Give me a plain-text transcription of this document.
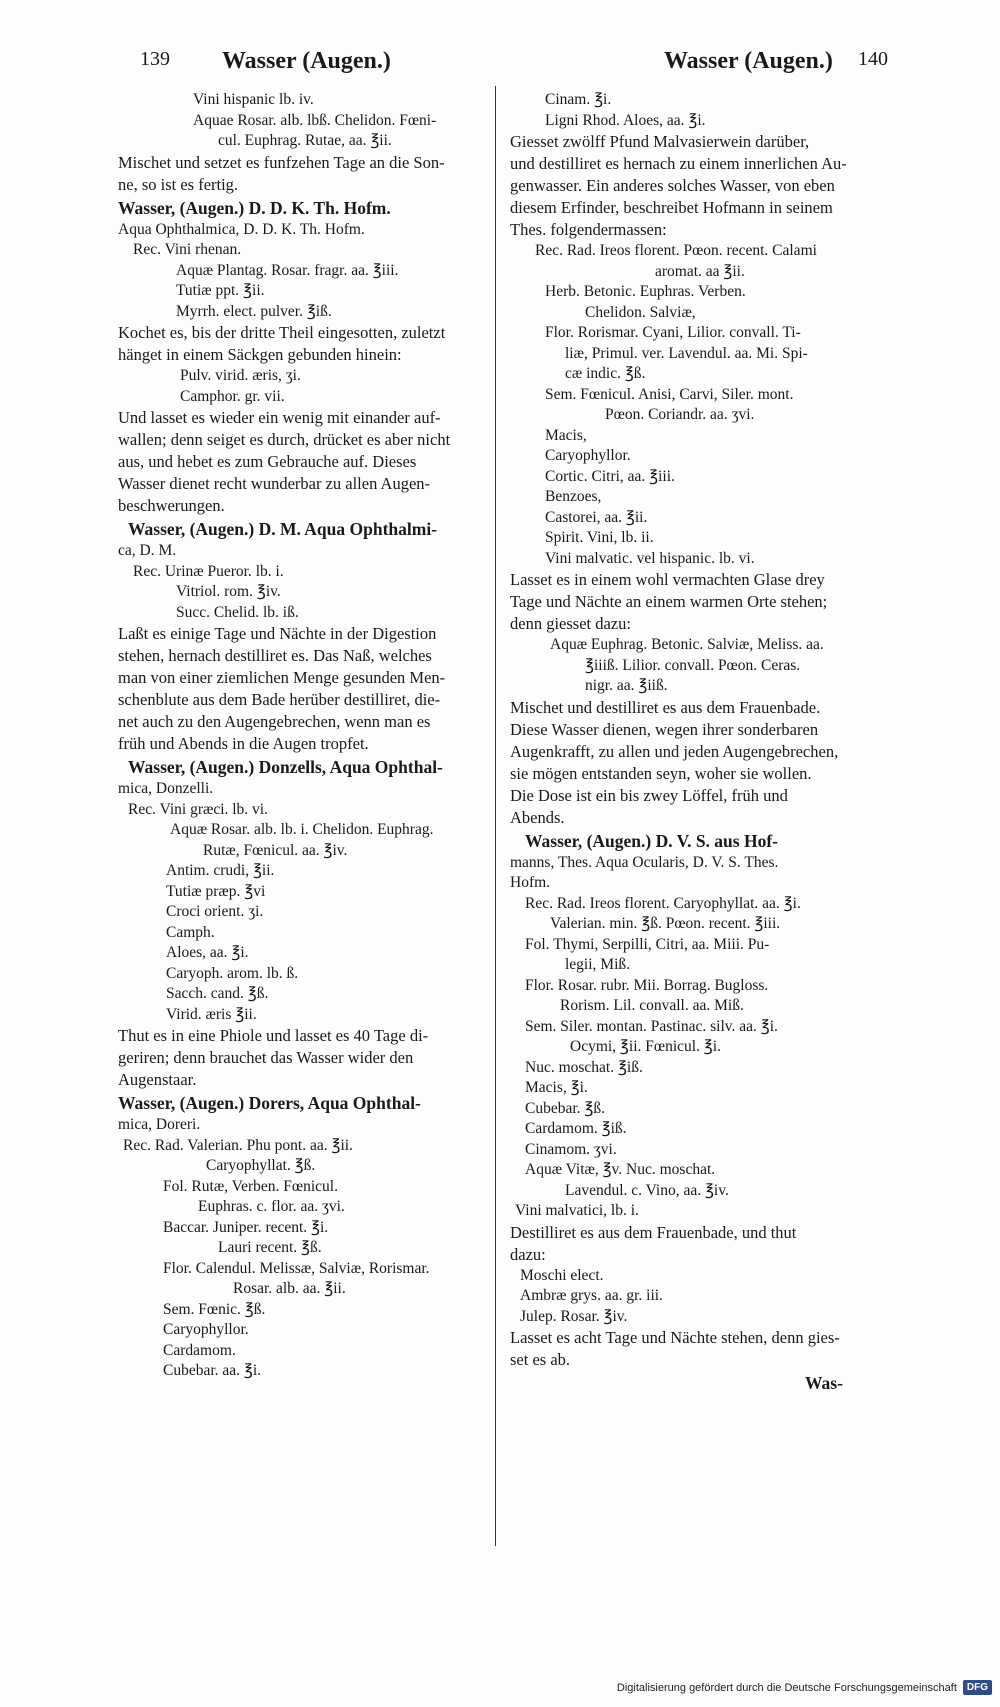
139 Wasser (Augen.)	Wasser (Augen.) 140
Vini hispanic lb. iv.
Aquae Rosar. alb. lbß. Chelidon. Fœni-
cul. Euphrag. Rutae, aa. ℥ii.
Mischet und setzet es funfzehen Tage an die Son-
ne, so ist es fertig.
Wasser, (Augen.) D. D. K. Th. Hofm.
Aqua Ophthalmica, D. D. K. Th. Hofm.
Rec. Vini rhenan.
Aquæ Plantag. Rosar. fragr. aa. ℥iii.
Tutiæ ppt. ℥ii.
Myrrh. elect. pulver. ℥iß.
Kochet es, bis der dritte Theil eingesotten, zuletzt
hänget in einem Säckgen gebunden hinein:
Pulv. virid. æris, ʒi.
Camphor. gr. vii.
Und lasset es wieder ein wenig mit einander auf-
wallen; denn seiget es durch, drücket es aber nicht
aus, und hebet es zum Gebrauche auf. Dieses
Wasser dienet recht wunderbar zu allen Augen-
beschwerungen.
Wasser, (Augen.) D. M. Aqua Ophthalmi-
ca, D. M.
Rec. Urinæ Pueror. lb. i.
Vitriol. rom. ℥iv.
Succ. Chelid. lb. iß.
Laßt es einige Tage und Nächte in der Digestion
stehen, hernach destilliret es. Das Naß, welches
man von einer ziemlichen Menge gesunden Men-
schenblute aus dem Bade herüber destilliret, die-
net auch zu den Augengebrechen, wenn man es
früh und Abends in die Augen tropfet.
Wasser, (Augen.) Donzells, Aqua Ophthal-
mica, Donzelli.
Rec. Vini græci. lb. vi.
Aquæ Rosar. alb. lb. i. Chelidon. Euphrag.
Rutæ, Fœnicul. aa. ℥iv.
Antim. crudi, ℥ii.
Tutiæ præp. ℥vi
Croci orient. ʒi.
Camph.
Aloes, aa. ℥i.
Caryoph. arom. lb. ß.
Sacch. cand. ℥ß.
Virid. æris ℥ii.
Thut es in eine Phiole und lasset es 40 Tage di-
geriren; denn brauchet das Wasser wider den
Augenstaar.
Wasser, (Augen.) Dorers, Aqua Ophthal-
mica, Doreri.
Rec. Rad. Valerian. Phu pont. aa. ℥ii.
Caryophyllat. ℥ß.
Fol. Rutæ, Verben. Fœnicul.
Euphras. c. flor. aa. ʒvi.
Baccar. Juniper. recent. ℥i.
Lauri recent. ℥ß.
Flor. Calendul. Melissæ, Salviæ, Rorismar.
Rosar. alb. aa. ℥ii.
Sem. Fœnic. ℥ß.
Caryophyllor.
Cardamom.
Cubebar. aa. ℥i.
Cinam. ℥i.
Ligni Rhod. Aloes, aa. ℥i.
Giesset zwölff Pfund Malvasierwein darüber,
und destilliret es hernach zu einem innerlichen Au-
genwasser. Ein anderes solches Wasser, von eben
diesem Erfinder, beschreibet Hofmann in seinem
Thes. folgendermassen:
Rec. Rad. Ireos florent. Pœon. recent. Calami
aromat. aa ℥ii.
Herb. Betonic. Euphras. Verben.
Chelidon. Salviæ,
Flor. Rorismar. Cyani, Lilior. convall. Ti-
liæ, Primul. ver. Lavendul. aa. Mi. Spi-
cæ indic. ℥ß.
Sem. Fœnicul. Anisi, Carvi, Siler. mont.
Pœon. Coriandr. aa. ʒvi.
Macis,
Caryophyllor.
Cortic. Citri, aa. ℥iii.
Benzoes,
Castorei, aa. ℥ii.
Spirit. Vini, lb. ii.
Vini malvatic. vel hispanic. lb. vi.
Lasset es in einem wohl vermachten Glase drey
Tage und Nächte an einem warmen Orte stehen;
denn giesset dazu:
Aquæ Euphrag. Betonic. Salviæ, Meliss. aa.
℥iiiß. Lilior. convall. Pœon. Ceras.
nigr. aa. ℥iiß.
Mischet und destilliret es aus dem Frauenbade.
Diese Wasser dienen, wegen ihrer sonderbaren
Augenkrafft, zu allen und jeden Augengebrechen,
sie mögen entstanden seyn, woher sie wollen.
Die Dose ist ein bis zwey Löffel, früh und
Abends.
Wasser, (Augen.) D. V. S. aus Hof-
manns, Thes. Aqua Ocularis, D. V. S. Thes.
Hofm.
Rec. Rad. Ireos florent. Caryophyllat. aa. ℥i.
Valerian. min. ℥ß. Pœon. recent. ℥iii.
Fol. Thymi, Serpilli, Citri, aa. Miii. Pu-
legii, Miß.
Flor. Rosar. rubr. Mii. Borrag. Bugloss.
Rorism. Lil. convall. aa. Miß.
Sem. Siler. montan. Pastinac. silv. aa. ℥i.
Ocymi, ℥ii. Fœnicul. ℥i.
Nuc. moschat. ℥iß.
Macis, ℥i.
Cubebar. ℥ß.
Cardamom. ℥iß.
Cinamom. ʒvi.
Aquæ Vitæ, ℥v. Nuc. moschat.
Lavendul. c. Vino, aa. ℥iv.
Vini malvatici, lb. i.
Destilliret es aus dem Frauenbade, und thut
dazu:
Moschi elect.
Ambræ grys. aa. gr. iii.
Julep. Rosar. ℥iv.
Lasset es acht Tage und Nächte stehen, denn gies-
set es ab.
Was-
Digitalisierung gefördert durch die Deutsche Forschungsgemeinschaft	DFG
